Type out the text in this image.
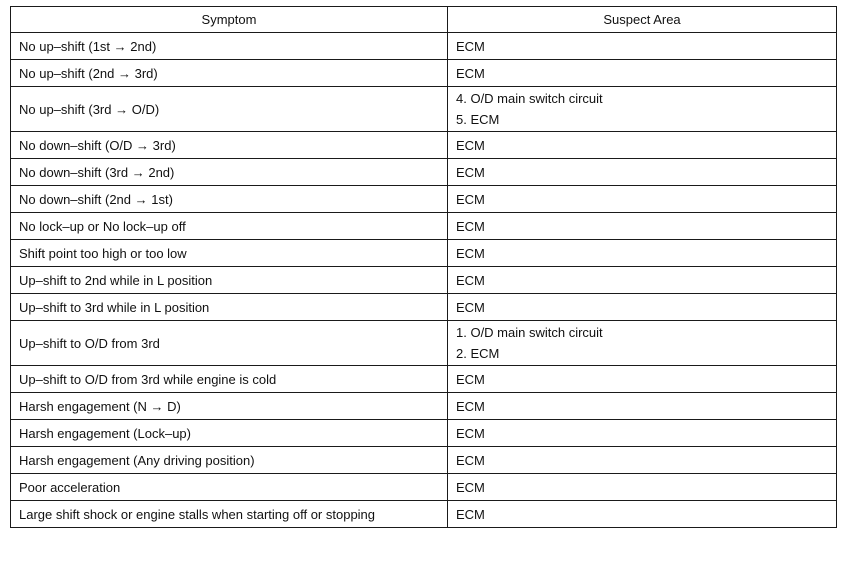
Symptom	Suspect Area
No up–shift (1st → 2nd)	ECM

No up–shift (2nd → 3rd)	ECM

No up–shift (3rd → O/D)	4. O/D main switch circuit
5. ECM

No down–shift (O/D → 3rd)	ECM

No down–shift (3rd → 2nd)	ECM

No down–shift (2nd → 1st)	ECM

No lock–up or No lock–up off	ECM

Shift point too high or too low	ECM

Up–shift to 2nd while in L position	ECM

Up–shift to 3rd while in L position	ECM

Up–shift to O/D from 3rd	1. O/D main switch circuit
2. ECM

Up–shift to O/D from 3rd while engine is cold	ECM

Harsh engagement (N → D)	ECM

Harsh engagement (Lock–up)	ECM

Harsh engagement (Any driving position)	ECM

Poor acceleration	ECM

Large shift shock or engine stalls when starting off or stopping	ECM
